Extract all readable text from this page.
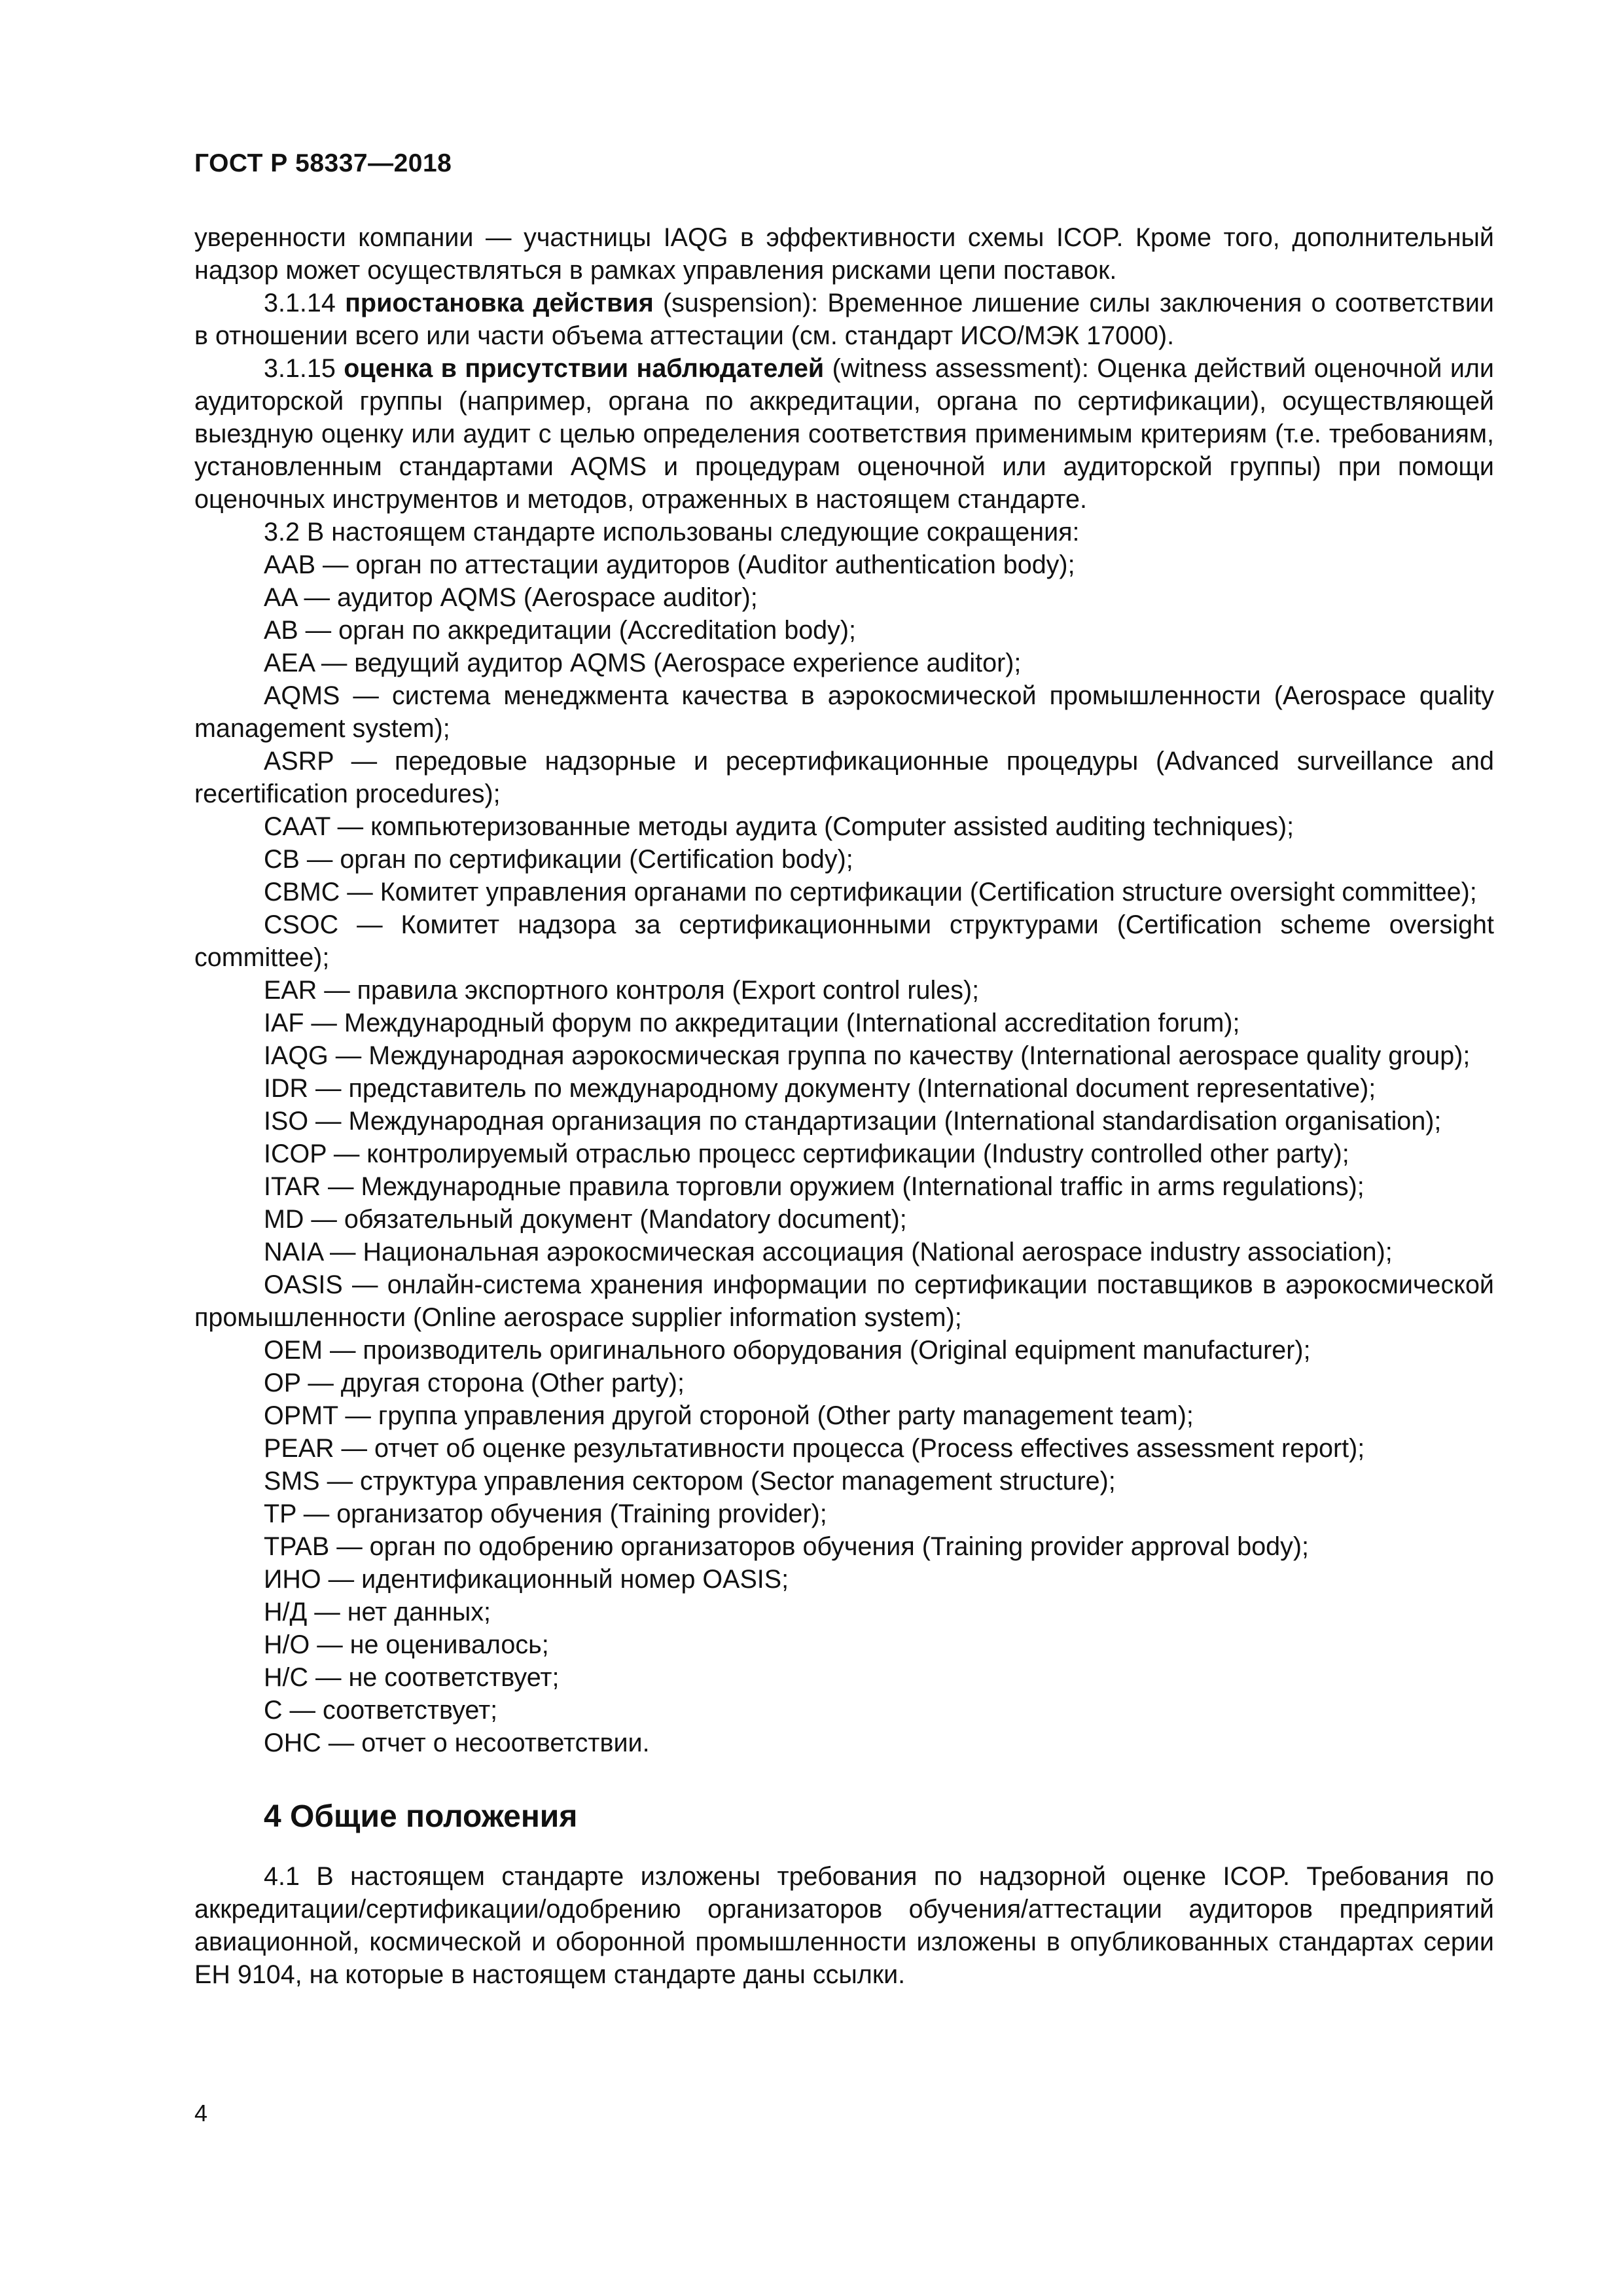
ГОСТ Р 58337—2018

уверенности компании — участницы IAQG в эффективности схемы ICOP. Кроме того, дополнительный надзор может осуществляться в рамках управления рисками цепи поставок.

3.1.14 приостановка действия (suspension): Временное лишение силы заключения о соответствии в отношении всего или части объема аттестации (см. стандарт ИСО/МЭК 17000).

3.1.15 оценка в присутствии наблюдателей (witness assessment): Оценка действий оценочной или аудиторской группы (например, органа по аккредитации, органа по сертификации), осуществляющей выездную оценку или аудит с целью определения соответствия применимым критериям (т.е. требованиям, установленным стандартами AQMS и процедурам оценочной или аудиторской группы) при помощи оценочных инструментов и методов, отраженных в настоящем стандарте.

3.2 В настоящем стандарте использованы следующие сокращения:

AAB — орган по аттестации аудиторов (Auditor authentication body);

AA — аудитор AQMS (Aerospace auditor);

AB — орган по аккредитации (Accreditation body);

AEA — ведущий аудитор AQMS (Aerospace experience auditor);

AQMS — система менеджмента качества в аэрокосмической промышленности (Aerospace quality management system);

ASRP — передовые надзорные и ресертификационные процедуры (Advanced surveillance and recertification procedures);

CAAT — компьютеризованные методы аудита (Computer assisted auditing techniques);

CB — орган по сертификации (Certification body);

CBMC — Комитет управления органами по сертификации (Certification structure oversight committee);

CSOC — Комитет надзора за сертификационными структурами (Certification scheme oversight committee);

EAR — правила экспортного контроля (Export control rules);

IAF — Международный форум по аккредитации (International accreditation forum);

IAQG — Международная аэрокосмическая группа по качеству (International aerospace quality group);

IDR — представитель по международному документу (International document representative);

ISO — Международная организация по стандартизации (International standardisation organisation);

ICOP — контролируемый отраслью процесс сертификации (Industry controlled other party);

ITAR — Международные правила торговли оружием (International traffic in arms regulations);

MD — обязательный документ (Mandatory document);

NAIA — Национальная аэрокосмическая ассоциация (National aerospace industry association);

OASIS — онлайн-система хранения информации по сертификации поставщиков в аэрокосмической промышленности (Online aerospace supplier information system);

OEM — производитель оригинального оборудования (Original equipment manufacturer);

OP — другая сторона (Other party);

OPMT — группа управления другой стороной (Other party management team);

PEAR — отчет об оценке результативности процесса (Process effectives assessment report);

SMS — структура управления сектором (Sector management structure);

TP — организатор обучения (Training provider);

TPAB — орган по одобрению организаторов обучения (Training provider approval body);

ИНО — идентификационный номер OASIS;

Н/Д — нет данных;

Н/О — не оценивалось;

Н/С — не соответствует;

С — соответствует;

ОНС — отчет о несоответствии.

4 Общие положения

4.1 В настоящем стандарте изложены требования по надзорной оценке ICOP. Требования по аккредитации/сертификации/одобрению организаторов обучения/аттестации аудиторов предприятий авиационной, космической и оборонной промышленности изложены в опубликованных стандартах серии ЕН 9104, на которые в настоящем стандарте даны ссылки.

4
